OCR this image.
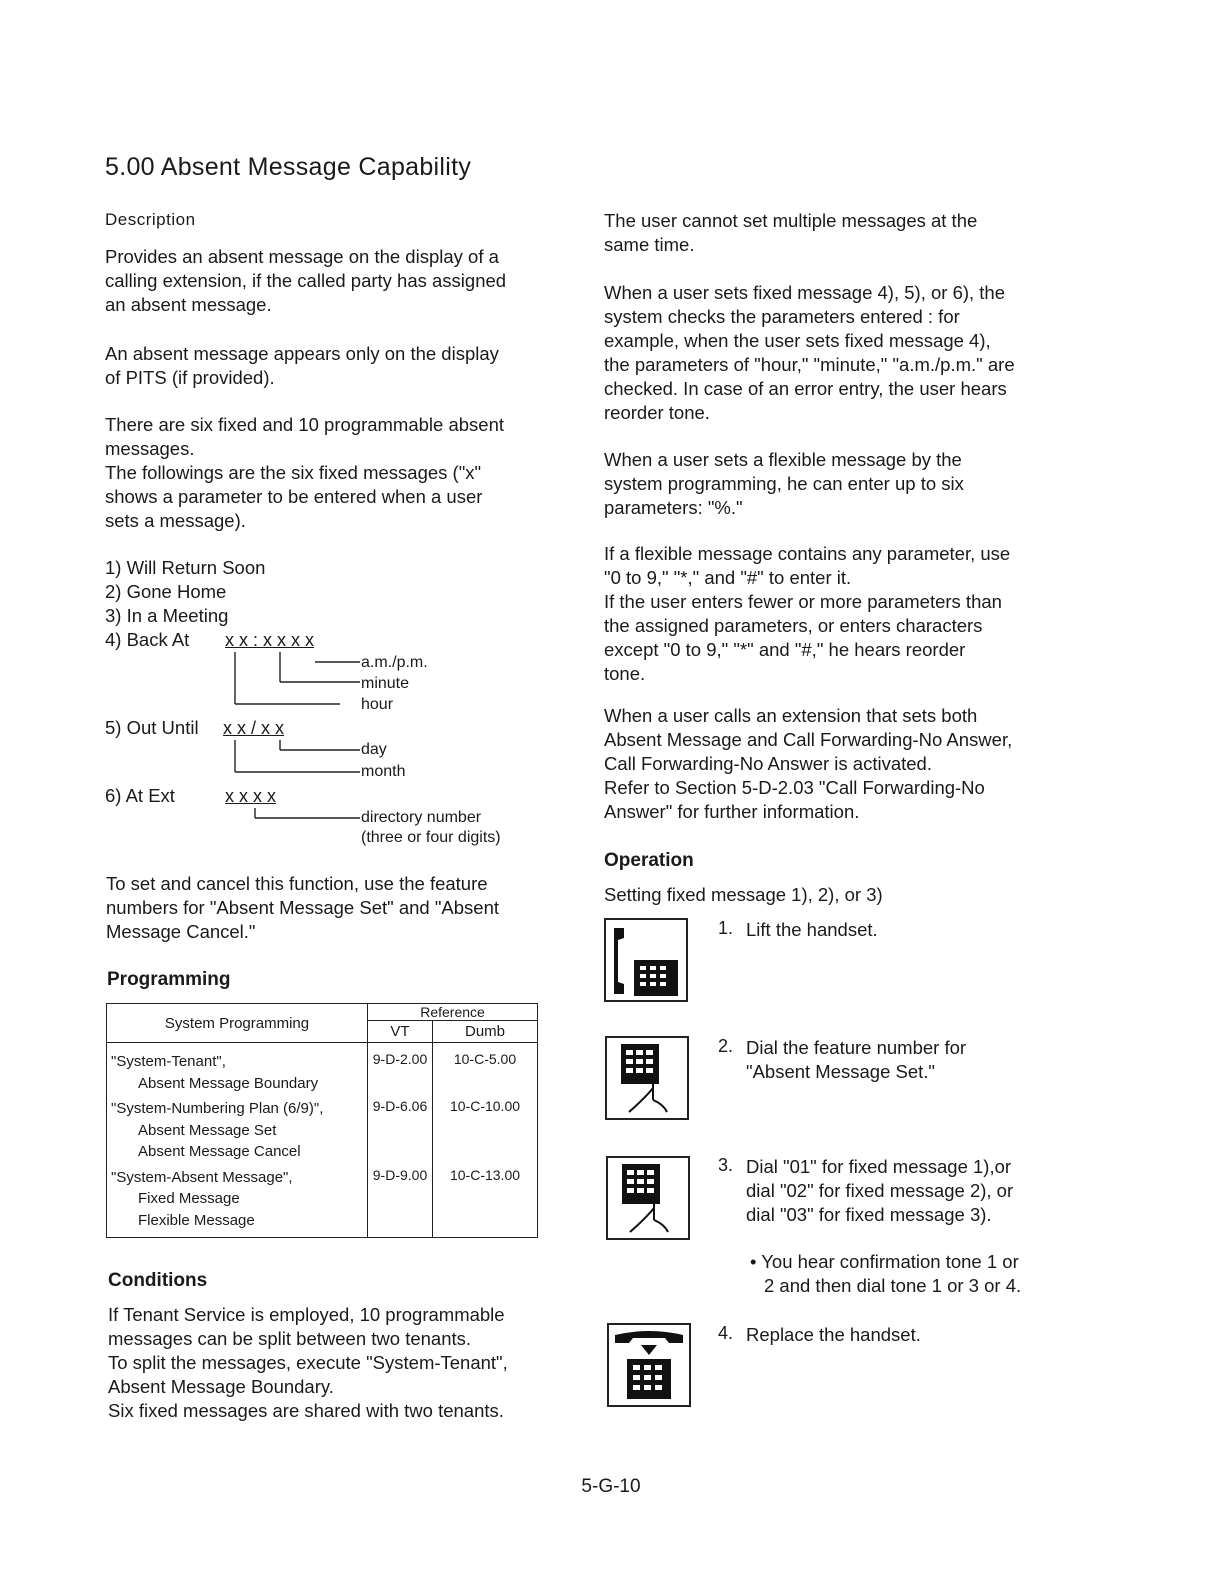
5.00 Absent Message Capability
Description
Provides an absent message on the display of a
calling extension, if the called party has assigned
an absent message.
An absent message appears only on the display
of PITS (if provided).
There are six fixed and 10 programmable absent
messages.
The followings are the six fixed messages ("x"
shows a parameter to be entered when a user
sets a message).
1) Will Return Soon
2) Gone Home
3) In a Meeting
4) Back At x x : x x x x
a.m./p.m.
minute
hour
5) Out Until x x / x x
day
month
6) At Ext	x x x x
directory number
(three or four digits)
To set and cancel this function, use the feature
numbers for "Absent Message Set" and "Absent
Message Cancel."
Programming
System Programming	Reference	
	VT	Dumb

"System-Tenant",
Absent Message Boundary	9-D-2.00	10-C-5.00

"System-Numbering Plan (6/9)",
Absent Message Set
Absent Message Cancel	9-D-6.06	10-C-10.00

"System-Absent Message",
Fixed Message
Flexible Message	9-D-9.00	10-C-13.00
Conditions
If Tenant Service is employed, 10 programmable
messages can be split between two tenants.
To split the messages, execute "System-Tenant",
Absent Message Boundary.
Six fixed messages are shared with two tenants.
The user cannot set multiple messages at the
same time.
When a user sets fixed message 4), 5), or 6), the
system checks the parameters entered : for
example, when the user sets fixed message 4),
the parameters of "hour," "minute," "a.m./p.m." are
checked. In case of an error entry, the user hears
reorder tone.
When a user sets a flexible message by the
system programming, he can enter up to six
parameters: "%."
If a flexible message contains any parameter, use
"0 to 9," "*," and "#" to enter it.
If the user enters fewer or more parameters than
the assigned parameters, or enters characters
except "0 to 9," "*" and "#," he hears reorder
tone.
When a user calls an extension that sets both
Absent Message and Call Forwarding-No Answer,
Call Forwarding-No Answer is activated.
Refer to Section 5-D-2.03 "Call Forwarding-No
Answer" for further information.
Operation
Setting fixed message 1), 2), or 3)
1. Lift the handset.
2. Dial the feature number for
"Absent Message Set."
3. Dial "01" for fixed message 1),or
dial "02" for fixed message 2), or
dial "03" for fixed message 3).
• You hear confirmation tone 1 or
2 and then dial tone 1 or 3 or 4.
4. Replace the handset.
5-G-10
